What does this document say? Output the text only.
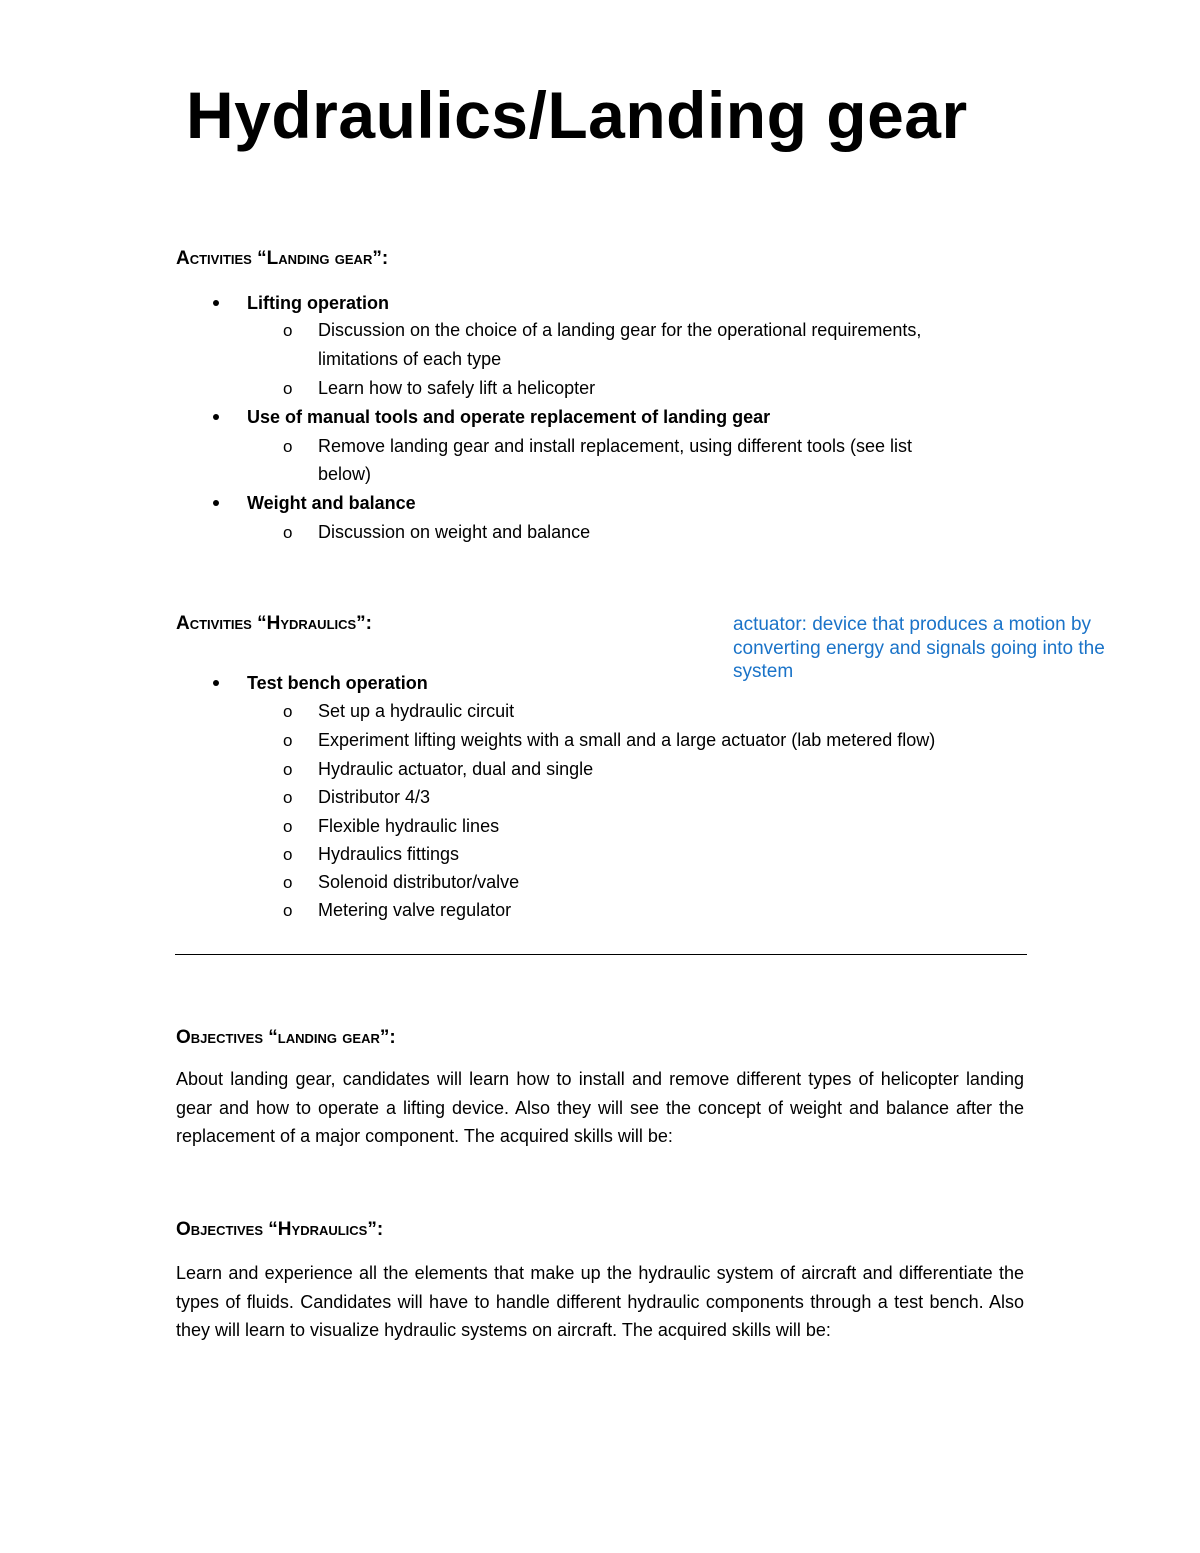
Hydraulics/Landing gear
Activities “Landing gear”:
Lifting operation
o Discussion on the choice of a landing gear for the operational requirements,
limitations of each type
o Learn how to safely lift a helicopter
Use of manual tools and operate replacement of landing gear
o Remove landing gear and install replacement, using different tools (see list
below)
Weight and balance
o Discussion on weight and balance
Activities “Hydraulics”:	actuator: device that produces a motion by converting energy and signals going into the system
Test bench operation
o Set up a hydraulic circuit
o Experiment lifting weights with a small and a large actuator (lab metered flow)
o Hydraulic actuator, dual and single
o Distributor 4/3
o Flexible hydraulic lines
o Hydraulics fittings
o Solenoid distributor/valve
o Metering valve regulator
Objectives “landing gear”:
About landing gear, candidates will learn how to install and remove different types of helicopter landing gear and how to operate a lifting device. Also they will see the concept of weight and balance after the replacement of a major component. The acquired skills will be:
Objectives “Hydraulics”:
Learn and experience all the elements that make up the hydraulic system of aircraft and differentiate the types of fluids. Candidates will have to handle different hydraulic components through a test bench. Also they will learn to visualize hydraulic systems on aircraft. The acquired skills will be:
